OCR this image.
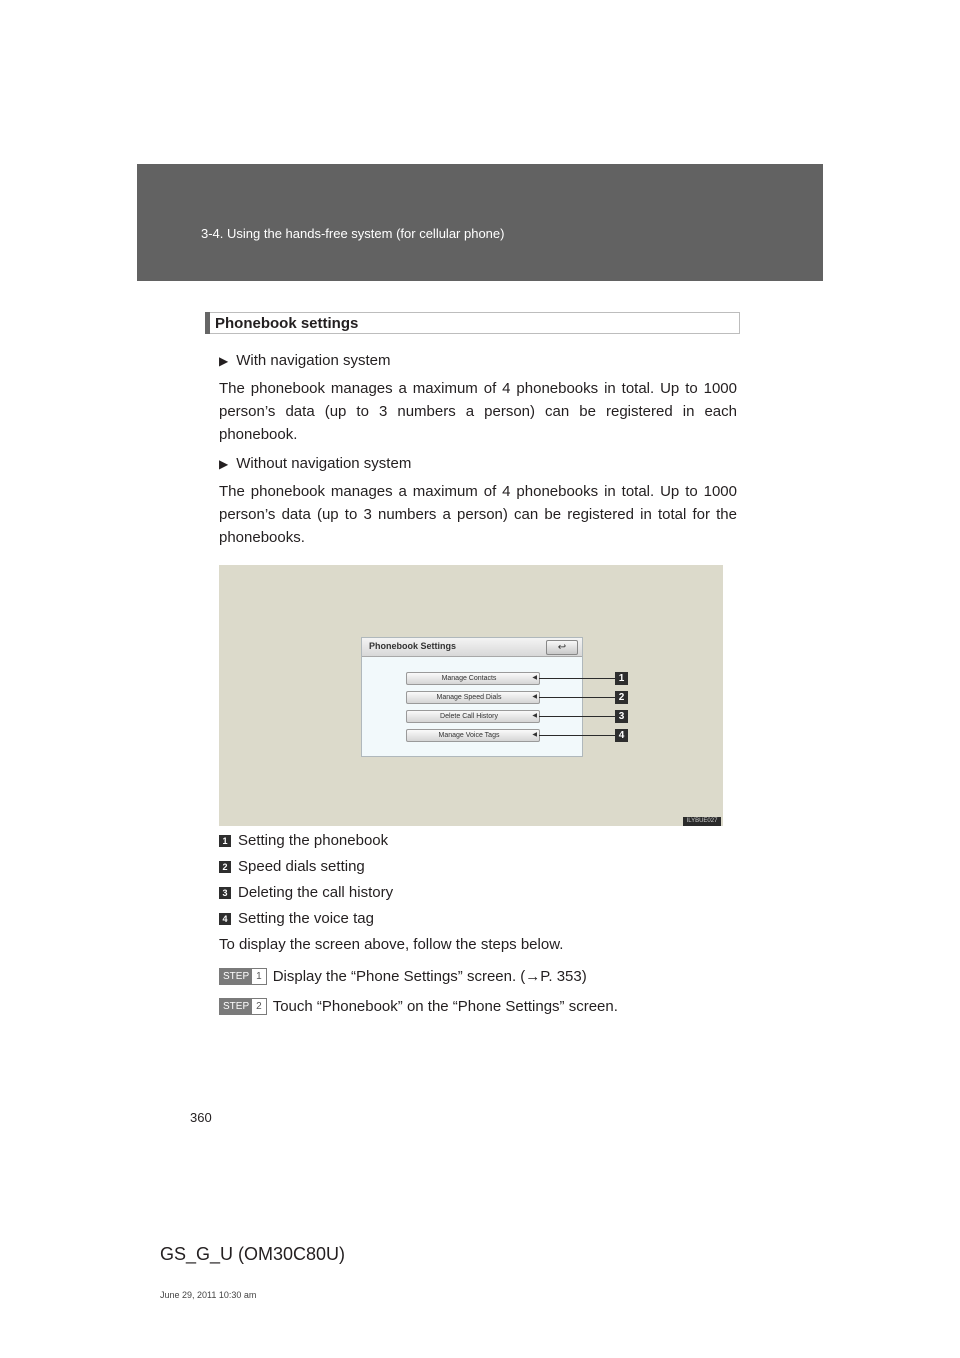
3-4. Using the hands-free system (for cellular phone)
Phonebook settings
▶ With navigation system
The phonebook manages a maximum of 4 phonebooks in total. Up to 1000 person’s data (up to 3 numbers a person) can be registered in each phonebook.
▶ Without navigation system
The phonebook manages a maximum of 4 phonebooks in total. Up to 1000 person’s data (up to 3 numbers a person) can be registered in total for the phonebooks.
Phonebook Settings	↩
Manage Contacts	◀
Manage Speed Dials	◀
Delete Call History	◀
Manage Voice Tags	◀
1
2
3
4
ILYBUE027
1 Setting the phonebook
2 Speed dials setting
3 Deleting the call history
4 Setting the voice tag
To display the screen above, follow the steps below.
STEP 1 Display the “Phone Settings” screen. (→P. 353)
STEP 2 Touch “Phonebook” on the “Phone Settings” screen.
360
GS_G_U (OM30C80U)
June 29, 2011 10:30 am
